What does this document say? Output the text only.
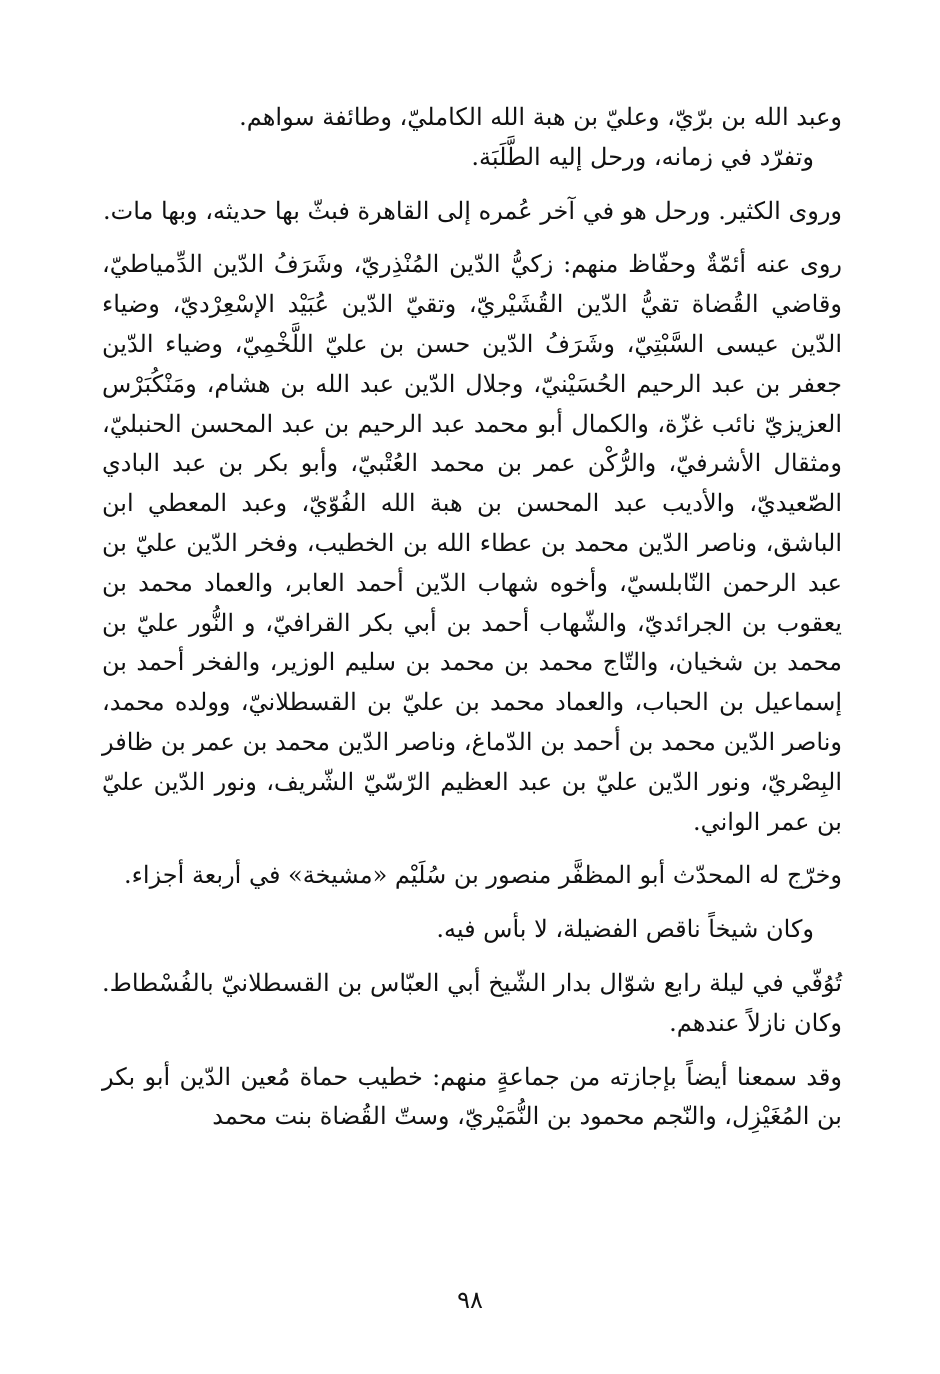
وعبد الله بن برّيّ، وعليّ بن هبة الله الكامليّ، وطائفة سواهم.

وتفرّد في زمانه، ورحل إليه الطَّلَبَة.

وروى الكثير. ورحل هو في آخر عُمره إلى القاهرة فبثّ بها حديثه، وبها مات.

روى عنه أئمّةٌ وحفّاظ منهم: زكيُّ الدّين المُنْذِريّ، وشَرَفُ الدّين الدِّمياطيّ، وقاضي القُضاة تقيُّ الدّين القُشَيْريّ، وتقيّ الدّين عُبَيْد الإسْعِرْديّ، وضياء الدّين عيسى السَّبْتِيّ، وشَرَفُ الدّين حسن بن عليّ اللَّخْمِيّ، وضياء الدّين جعفر بن عبد الرحيم الحُسَيْنيّ، وجلال الدّين عبد الله بن هشام، ومَنْكُبَرْس العزيزيّ نائب غزّة، والكمال أبو محمد عبد الرحيم بن عبد المحسن الحنبليّ، ومثقال الأشرفيّ، والرُّكْن عمر بن محمد العُتْبيّ، وأبو بكر بن عبد البادي الصّعيديّ، والأديب عبد المحسن بن هبة الله الفُوّيّ، وعبد المعطي ابن الباشق، وناصر الدّين محمد بن عطاء الله بن الخطيب، وفخر الدّين عليّ بن عبد الرحمن النّابلسيّ، وأخوه شهاب الدّين أحمد العابر، والعماد محمد بن يعقوب بن الجرائديّ، والشّهاب أحمد بن أبي بكر القرافيّ، و النُّور عليّ بن محمد بن شخيان، والتّاج محمد بن محمد بن سليم الوزير، والفخر أحمد بن إسماعيل بن الحباب، والعماد محمد بن عليّ بن القسطلانيّ، وولده محمد، وناصر الدّين محمد بن أحمد بن الدّماغ، وناصر الدّين محمد بن عمر بن ظافر البِصْريّ، ونور الدّين عليّ بن عبد العظيم الرّسّيّ الشّريف، ونور الدّين عليّ بن عمر الواني.

وخرّج له المحدّث أبو المظفَّر منصور بن سُلَيْم «مشيخة» في أربعة أجزاء.

وكان شيخاً ناقص الفضيلة، لا بأس فيه.

تُوُفّي في ليلة رابع شوّال بدار الشّيخ أبي العبّاس بن القسطلانيّ بالفُسْطاط. وكان نازلاً عندهم.

وقد سمعنا أيضاً بإجازته من جماعةٍ منهم: خطيب حماة مُعين الدّين أبو بكر بن المُغَيْزِل، والنّجم محمود بن النُّمَيْريّ، وستّ القُضاة بنت محمد

٩٨
